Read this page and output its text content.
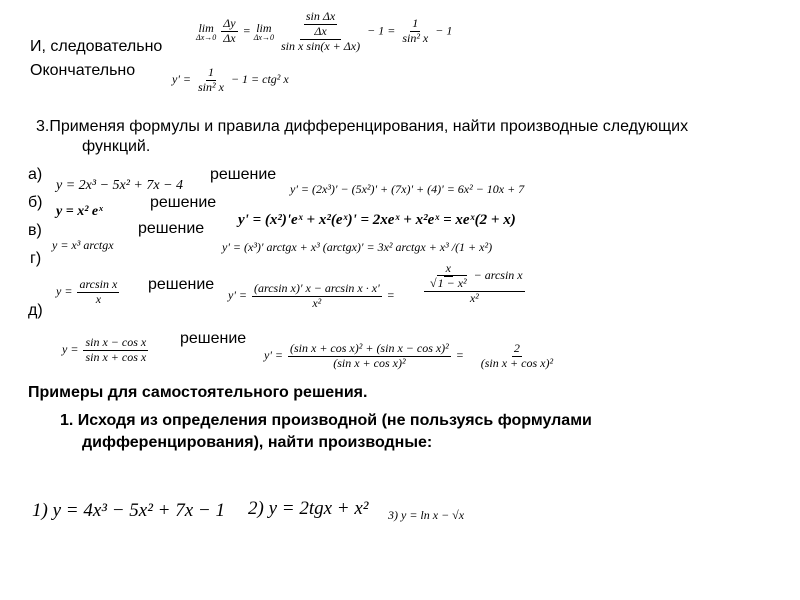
И, следовательно
lim
Δx→0
$\frac{\Delta y}{\Delta x} = \lim$
Δx→0
$\frac{\frac{\text{sin Δx}}{\Delta x}}{\text{sin x sin(x + Δx)}} - 1 = \frac{1}{\text{sin² x}} - 1$
Окончательно
$y' = \frac{1}{\text{sin² x}} - 1 = ctg^2$ x
3.Применяя формулы и правила дифференцирования, найти производные следующих
функций.
а)
y = 2x³ − 5x² + 7x − 4
решение
y' = (2x³)' − (5x²)' + (7x)' + (4)' = 6x² − 10x + 7
б)
y = x² eˣ
решение
y' = (x²)'eˣ + x²(eˣ)' = 2xeˣ + x²eˣ = xeˣ(2 + x)
в)
y = x³ arctgx
решение
y' = (x³)' arctgx + x³ (arctgx)' = 3x² arctgx + x³ /(1 + x²)
г)
$y = \frac{\text{arcsin x}}{x}$ решение
$y' = \frac{\text{(arcsin x)' x − arcsin x · x'}}{\text{x²}} = \frac{\frac{x}{\text{√1 − x²}} - \arcsin x}{\text{x²}}$
д)
$y = \frac{\text{sin x − cos x}}{\text{sin x + cos x}}$ решение
$y' = \frac{\text{(sin x + cos x)² + (sin x − cos x)²}}{\text{(sin x + cos x)²}} = \frac{2}{\text{(sin x + cos x)²}}$
Примеры для самостоятельного решения.
1. Исходя из определения производной (не пользуясь формулами
дифференцирования), найти производные:
1) y = 4x³ − 5x² + 7x − 1 2) y = 2tgx + x² 3) y = ln x − √x
